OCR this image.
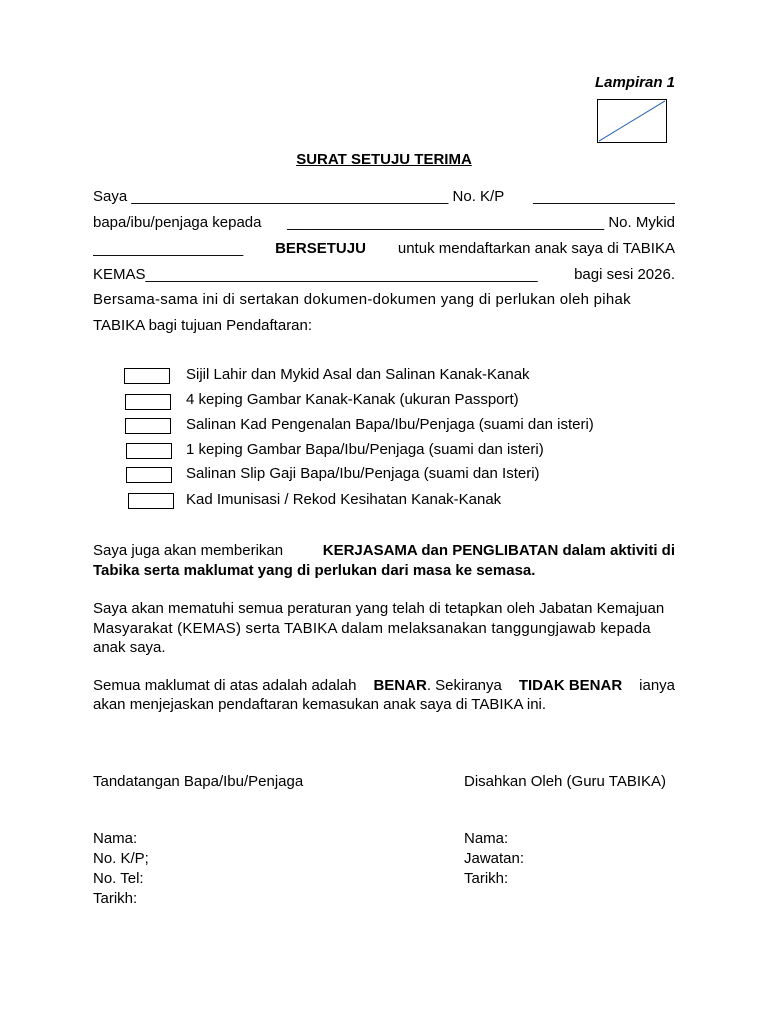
Lampiran 1
SURAT SETUJU TERIMA
Saya ______________________________________ No. K/P _________________
bapa/ibu/penjaga kepada ______________________________________ No. Mykid
__________________ BERSETUJU untuk mendaftarkan anak saya di TABIKA
KEMAS_______________________________________________ bagi sesi 2026.
Bersama-sama ini di sertakan dokumen-dokumen yang di perlukan oleh pihak
TABIKA bagi tujuan Pendaftaran:
Sijil Lahir dan Mykid Asal dan Salinan Kanak-Kanak
4 keping Gambar Kanak-Kanak (ukuran Passport)
Salinan Kad Pengenalan Bapa/Ibu/Penjaga (suami dan isteri)
1 keping Gambar Bapa/Ibu/Penjaga (suami dan isteri)
Salinan Slip Gaji Bapa/Ibu/Penjaga (suami dan Isteri)
Kad Imunisasi / Rekod Kesihatan Kanak-Kanak
Saya juga akan memberikan	KERJASAMA dan PENGLIBATAN dalam aktiviti di
Tabika serta maklumat yang di perlukan dari masa ke semasa.
Saya akan mematuhi semua peraturan yang telah di tetapkan oleh Jabatan Kemajuan
Masyarakat (KEMAS) serta TABIKA dalam melaksanakan tanggungjawab kepada
anak saya.
Semua maklumat di atas adalah adalah BENAR. Sekiranya TIDAK BENAR ianya
akan menjejaskan pendaftaran kemasukan anak saya di TABIKA ini.
Tandatangan Bapa/Ibu/Penjaga	Disahkan Oleh (Guru TABIKA)
Nama:
No. K/P;
No. Tel:
Tarikh:
Nama:
Jawatan:
Tarikh:
